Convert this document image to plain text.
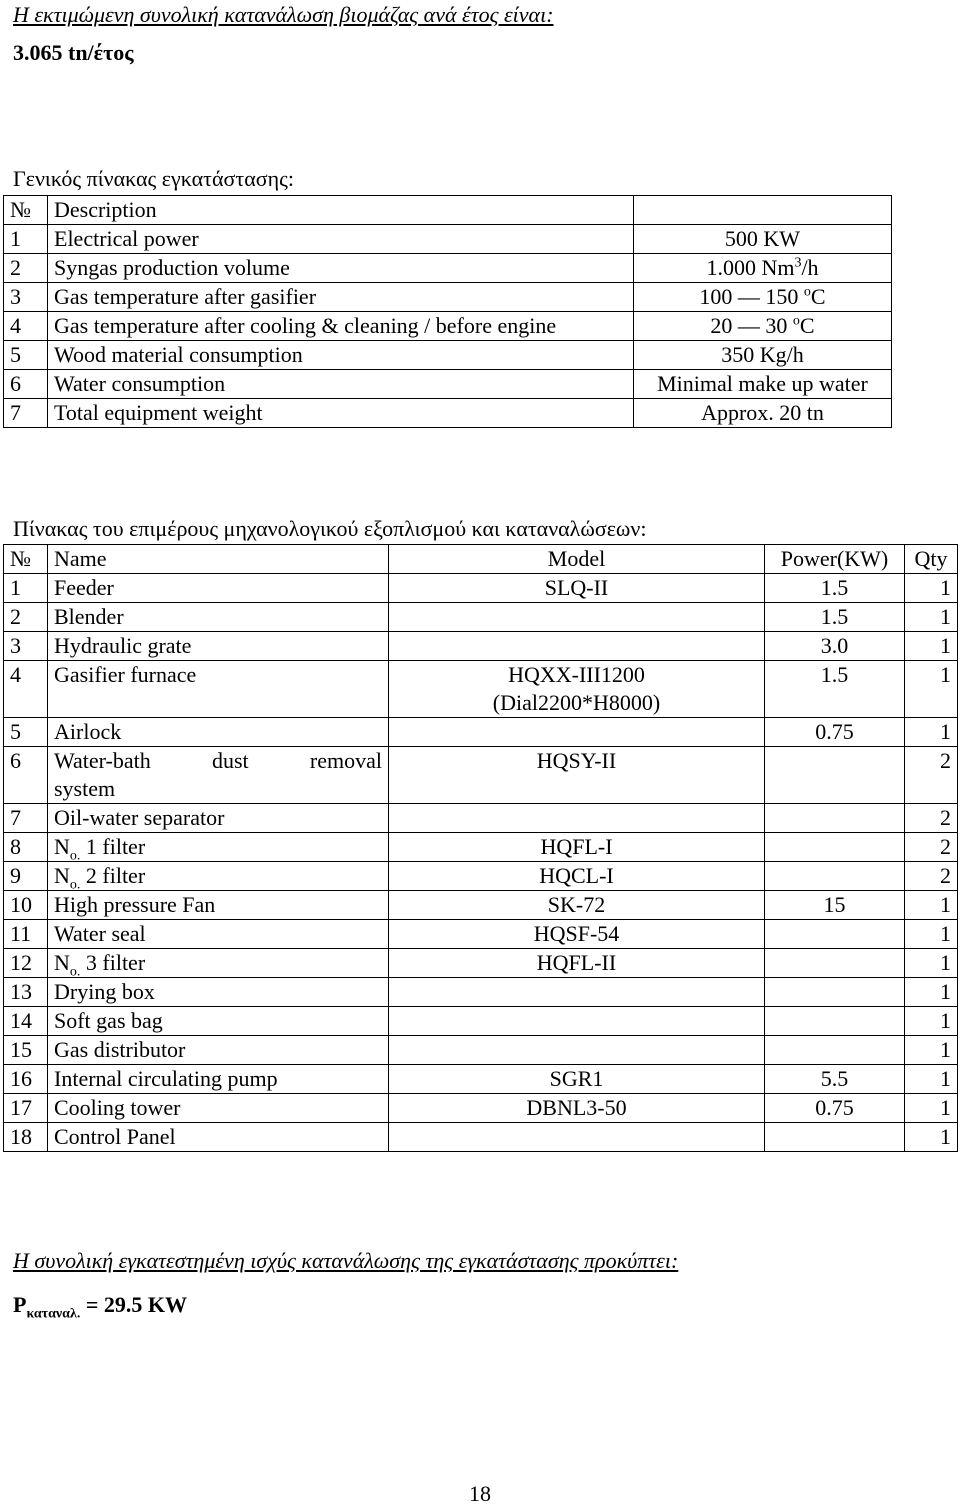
Η εκτιμώμενη συνολική κατανάλωση βιομάζας ανά έτος είναι:
3.065 tn/έτος
Γενικός πίνακας εγκατάστασης:
№	Description	
1	Electrical power	500 KW
2	Syngas production volume	1.000 Nm$^3$/h
3	Gas temperature after gasifier	100 — 150 $^o$C
4	Gas temperature after cooling & cleaning / before engine	20 — 30 $^o$C
5	Wood material consumption	350 Kg/h
6	Water consumption	Minimal make up water
7	Total equipment weight	Approx. 20 tn
Πίνακας του επιμέρους μηχανολογικού εξοπλισμού και καταναλώσεων:
№	Name	Model	Power(KW)	Qty
1	Feeder	SLQ-II	1.5	1
2	Blender		1.5	1
3	Hydraulic grate		3.0	1
4	Gasifier furnace	HQXX-III1200
(Dial2200*H8000)	1.5	1
5	Airlock		0.75	1
6	Water-bath dust removal
system	HQSY-II		2
7	Oil-water separator			2
8	$N_{o.}$ 1 filter	HQFL-I		2
9	$N_{o.}$ 2 filter	HQCL-I		2
10	High pressure Fan	SK-72	15	1
11	Water seal	HQSF-54		1
12	$N_{o.}$ 3 filter	HQFL-II		1
13	Drying box			1
14	Soft gas bag			1
15	Gas distributor			1
16	Internal circulating pump	SGR1	5.5	1
17	Cooling tower	DBNL3-50	0.75	1
18	Control Panel			1
Η συνολική εγκατεστημένη ισχύς κατανάλωσης της εγκατάστασης προκύπτει:
$P_{\kappa\alpha\tau\alpha\nu\alpha\lambda.} = 29.5$ KW
18
